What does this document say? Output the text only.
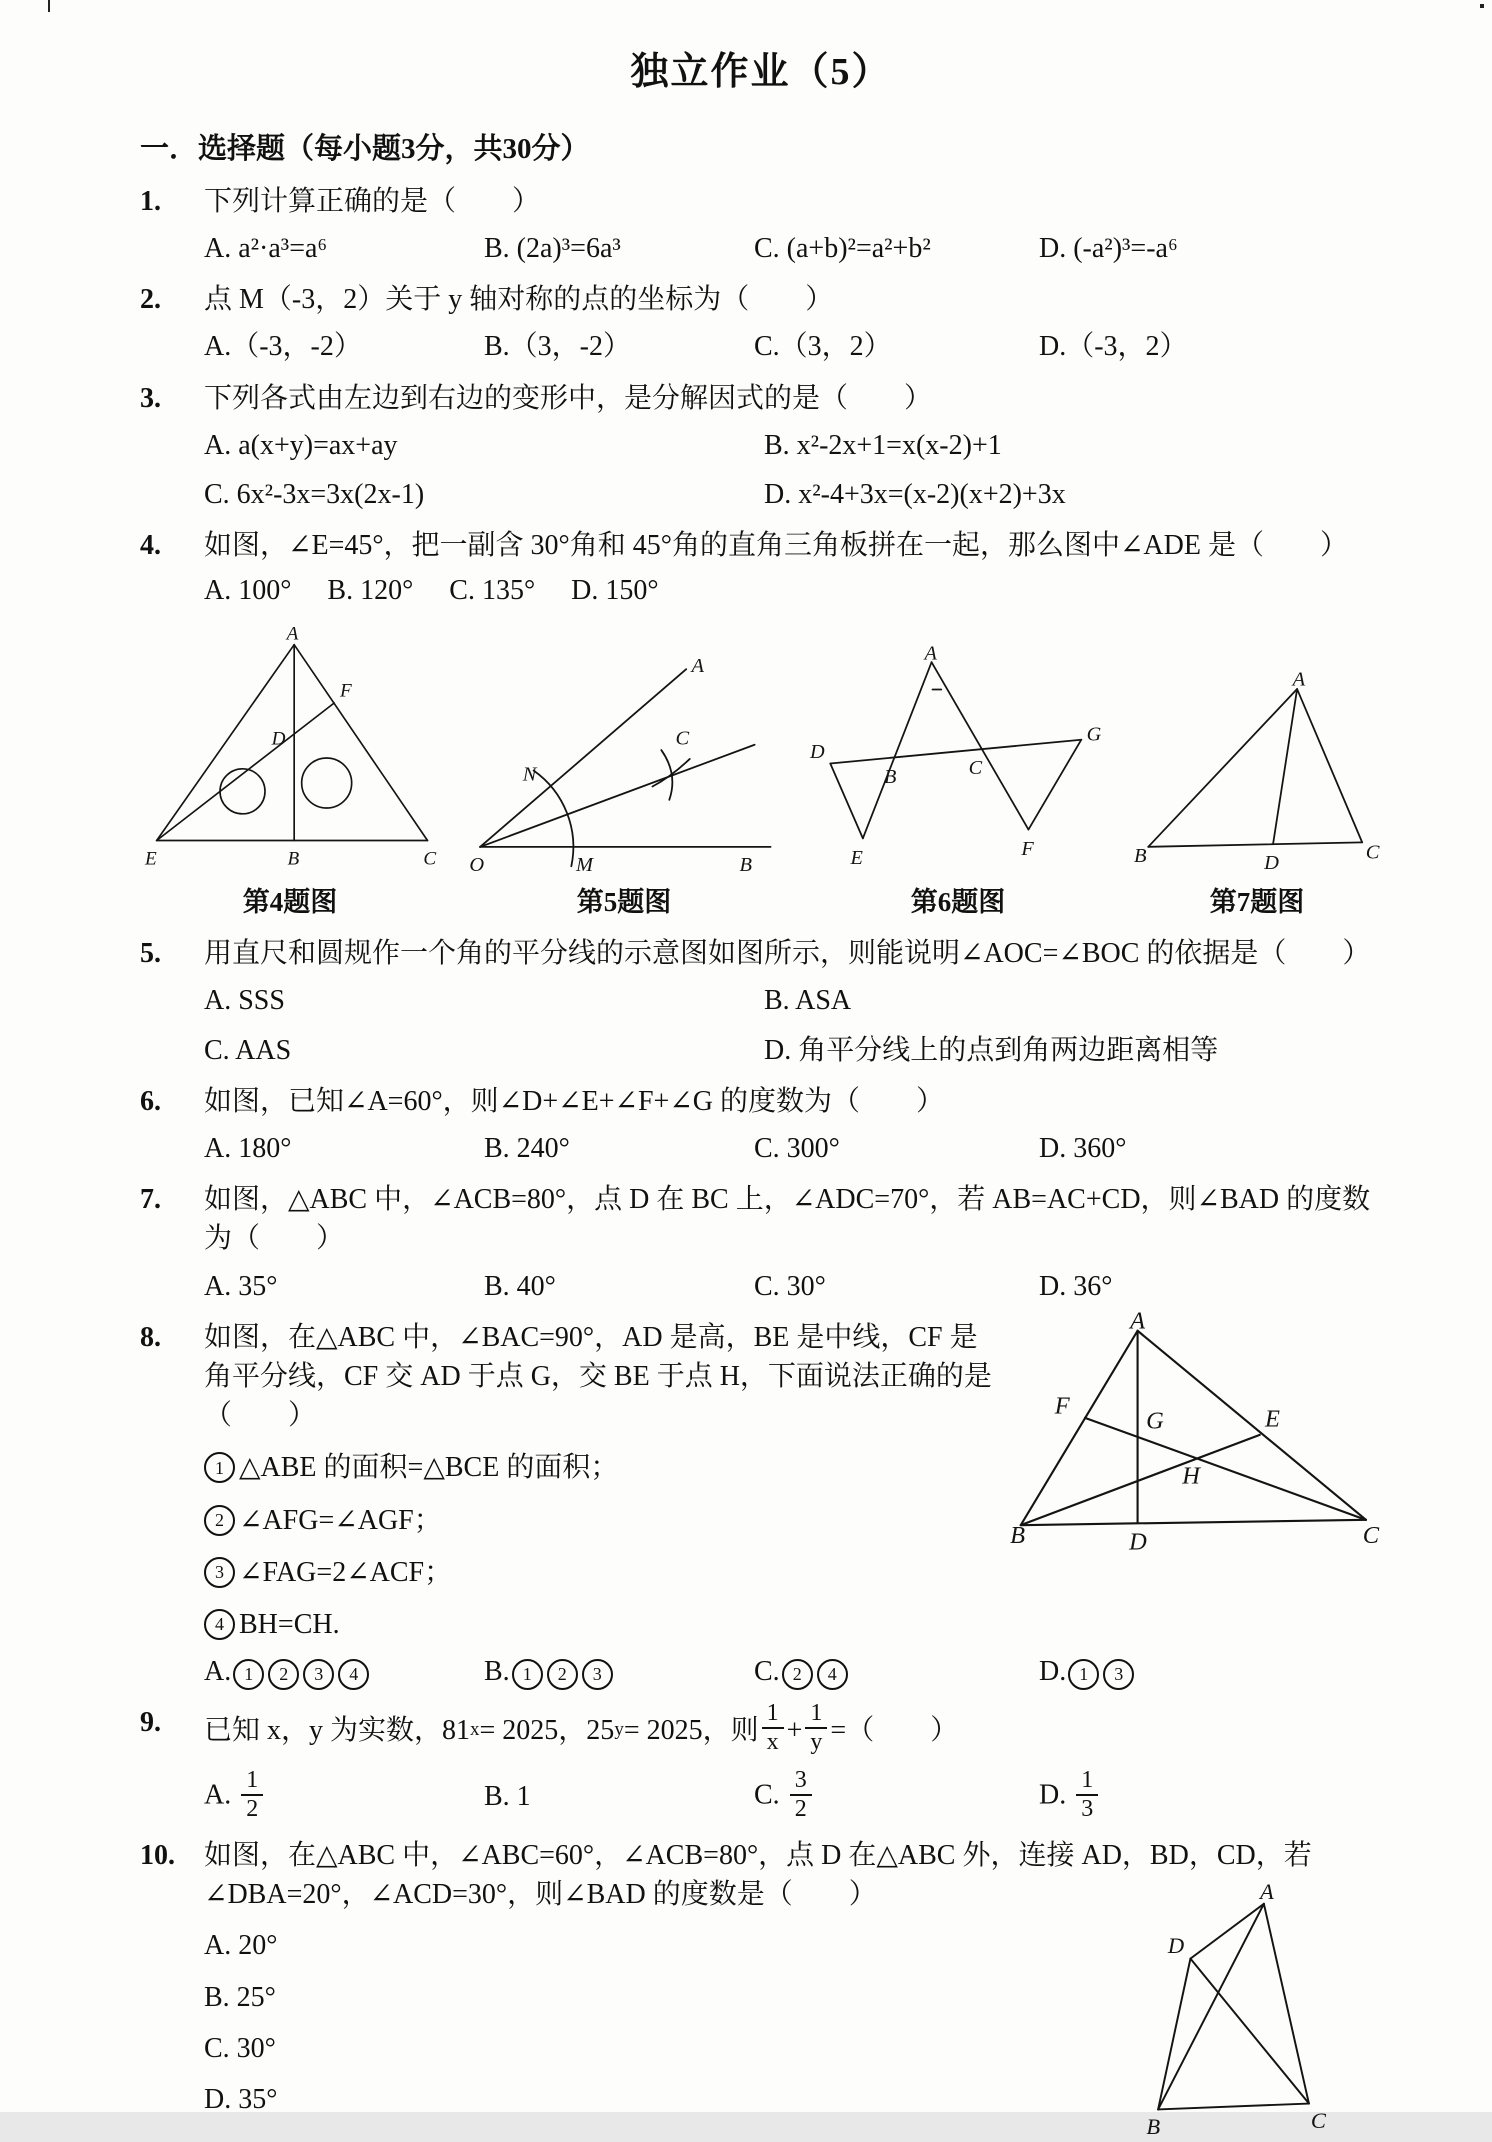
独立作业（5）
一．选择题（每小题3分，共30分）
1.	下列计算正确的是（　　）
A. a²·a³=a⁶	B. (2a)³=6a³	C. (a+b)²=a²+b²	D. (-a²)³=-a⁶
2.	点 M（-3，2）关于 y 轴对称的点的坐标为（　　）
A.（-3，-2）	B.（3，-2）	C.（3，2）	D.（-3，2）
3.	下列各式由左边到右边的变形中，是分解因式的是（　　）
A. a(x+y)=ax+ay	B. x²-2x+1=x(x-2)+1
C. 6x²-3x=3x(2x-1)	D. x²-4+3x=(x-2)(x+2)+3x
4.	如图，∠E=45°，把一副含 30°角和 45°角的直角三角板拼在一起，那么图中∠ADE 是（　　）
A. 100° B. 120° C. 135° D. 150°
A
F
D
E	B	C
第4题图
A
N
C
O	M	B
第5题图
A
D
B	C
G
E	F
第6题图
A
B	C
D
第7题图
5.	用直尺和圆规作一个角的平分线的示意图如图所示，则能说明∠AOC=∠BOC 的依据是（　　）
A. SSS	B. ASA
C. AAS	D. 角平分线上的点到角两边距离相等
6.	如图，已知∠A=60°，则∠D+∠E+∠F+∠G 的度数为（　　）
A. 180°	B. 240°	C. 300°	D. 360°
7.	如图，△ABC 中，∠ACB=80°，点 D 在 BC 上，∠ADC=70°，若 AB=AC+CD，则∠BAD 的度数为（　　）
A. 35°	B. 40°	C. 30°	D. 36°
8.
A
F
G	E
H
B	D	C
如图，在△ABC 中，∠BAC=90°，AD 是高，BE 是中线，CF 是角平分线，CF 交 AD 于点 G，交 BE 于点 H，下面说法正确的是（　　）
1 △ABE 的面积=△BCE 的面积；
2 ∠AFG=∠AGF；
3 ∠FAG=2∠ACF；
4 BH=CH.
A. 1 2 3 4	B. 1 2 3	C. 2 4	D. 1 3
9.	已知 x，y 为实数，81 x = 2025，25 y = 2025，则 $\frac{1}{x} + \frac{1}{y}$ =（　　）
A. $\frac{1}{2}$	B. 1	C. $\frac{3}{2}$	D. $\frac{1}{3}$
10.
A
D
B	C
如图，在△ABC 中，∠ABC=60°，∠ACB=80°，点 D 在△ABC 外，连接 AD，BD，CD，若∠DBA=20°，∠ACD=30°，则∠BAD 的度数是（　　）
A. 20°
B. 25°
C. 30°
D. 35°
